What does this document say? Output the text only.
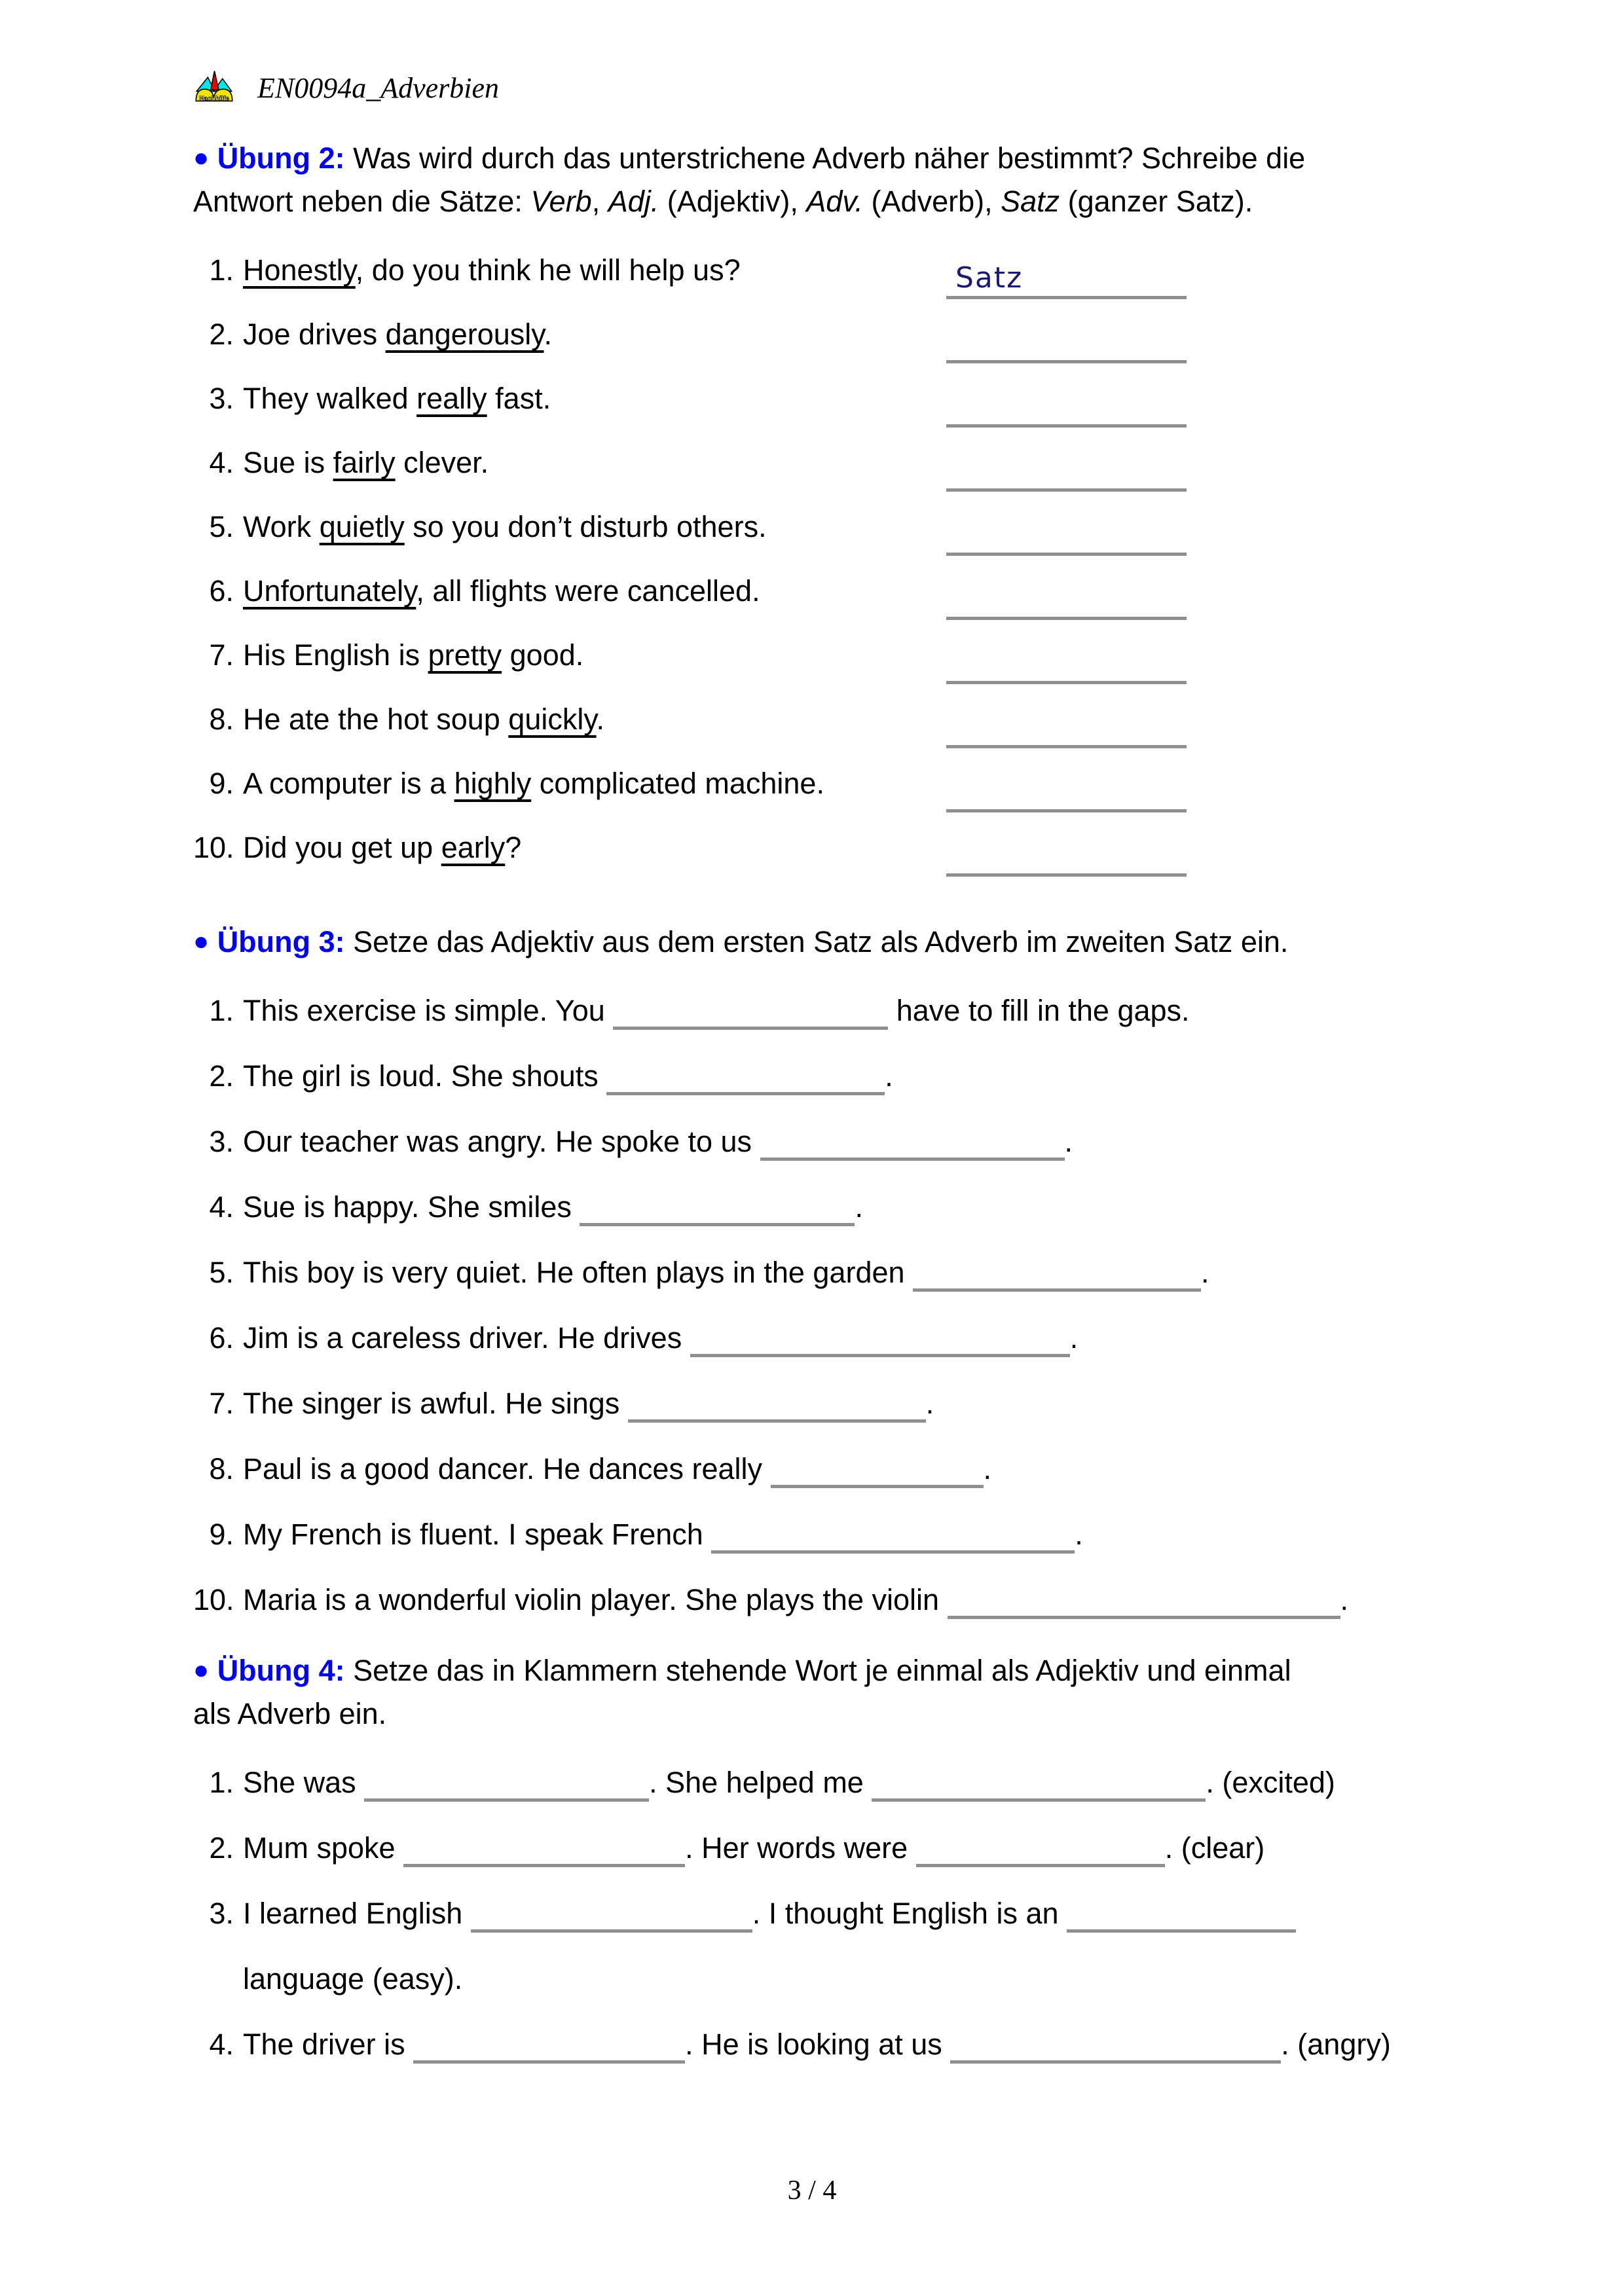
Nachhilfe EN0094a_Adverbien
● Übung 2: Was wird durch das unterstrichene Adverb näher bestimmt? Schreibe die
Antwort neben die Sätze: Verb, Adj. (Adjektiv), Adv. (Adverb), Satz (ganzer Satz).
1. Honestly, do you think he will help us?	Satz
2. Joe drives dangerously.
3. They walked really fast.
4. Sue is fairly clever.
5. Work quietly so you don’t disturb others.
6. Unfortunately, all flights were cancelled.
7. His English is pretty good.
8. He ate the hot soup quickly.
9. A computer is a highly complicated machine.
10. Did you get up early?
● Übung 3: Setze das Adjektiv aus dem ersten Satz als Adverb im zweiten Satz ein.
1. This exercise is simple. You	have to fill in the gaps.
2. The girl is loud. She shouts	.
3. Our teacher was angry. He spoke to us	.
4. Sue is happy. She smiles	.
5. This boy is very quiet. He often plays in the garden	.
6. Jim is a careless driver. He drives	.
7. The singer is awful. He sings	.
8. Paul is a good dancer. He dances really	.
9. My French is fluent. I speak French	.
10. Maria is a wonderful violin player. She plays the violin	.
● Übung 4: Setze das in Klammern stehende Wort je einmal als Adjektiv und einmal
als Adverb ein.
1. She was	. She helped me	. (excited)
2. Mum spoke	. Her words were	. (clear)
3. I learned English	. I thought English is an
language (easy).
4. The driver is	. He is looking at us	. (angry)
3 / 4
